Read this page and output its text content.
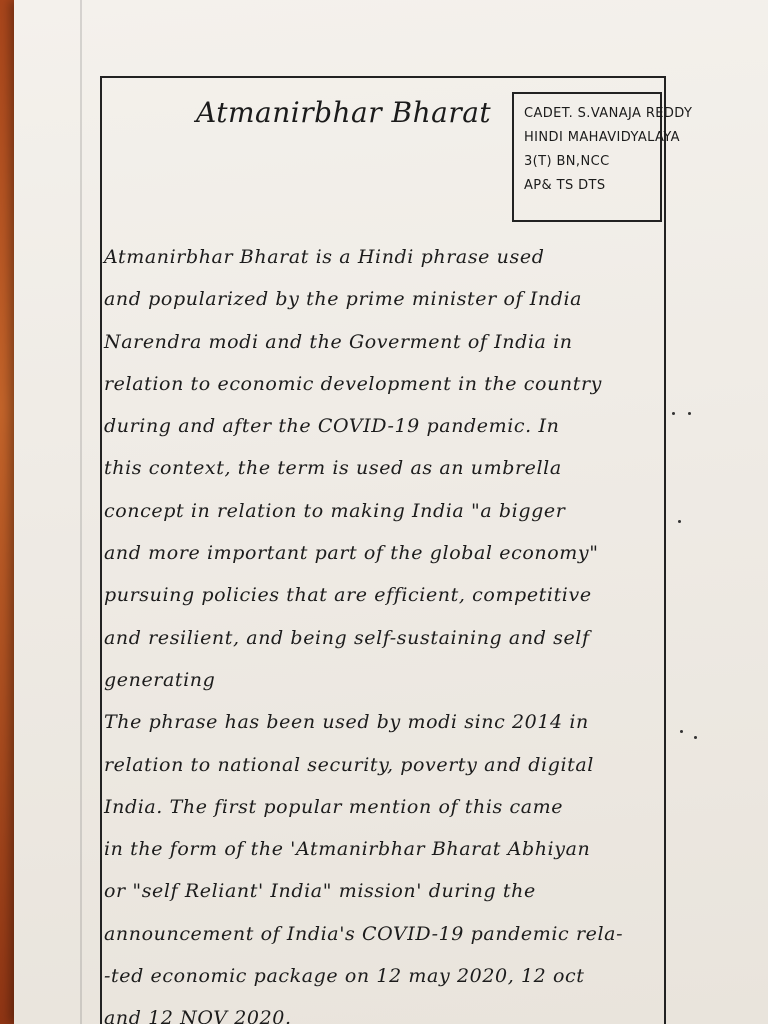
Atmanirbhar Bharat	CADET. S.VANAJA REDDY
HINDI MAHAVIDYALAYA
3(T) BN,NCC
AP& TS DTS
Atmanirbhar Bharat is a Hindi phrase used
and popularized by the prime minister of India
Narendra modi and the Goverment of India in
relation to economic development in the country
during and after the COVID-19 pandemic. In
this context, the term is used as an umbrella
concept in relation to making India "a bigger
and more important part of the global economy"
pursuing policies that are efficient, competitive
and resilient, and being self-sustaining and self
generating
The phrase has been used by modi sinc 2014 in
relation to national security, poverty and digital
India. The first popular mention of this came
in the form of the 'Atmanirbhar Bharat Abhiyan
or "self Reliant' India" mission' during the
announcement of India's COVID-19 pandemic rela-
-ted economic package on 12 may 2020, 12 oct
and 12 NOV 2020.
